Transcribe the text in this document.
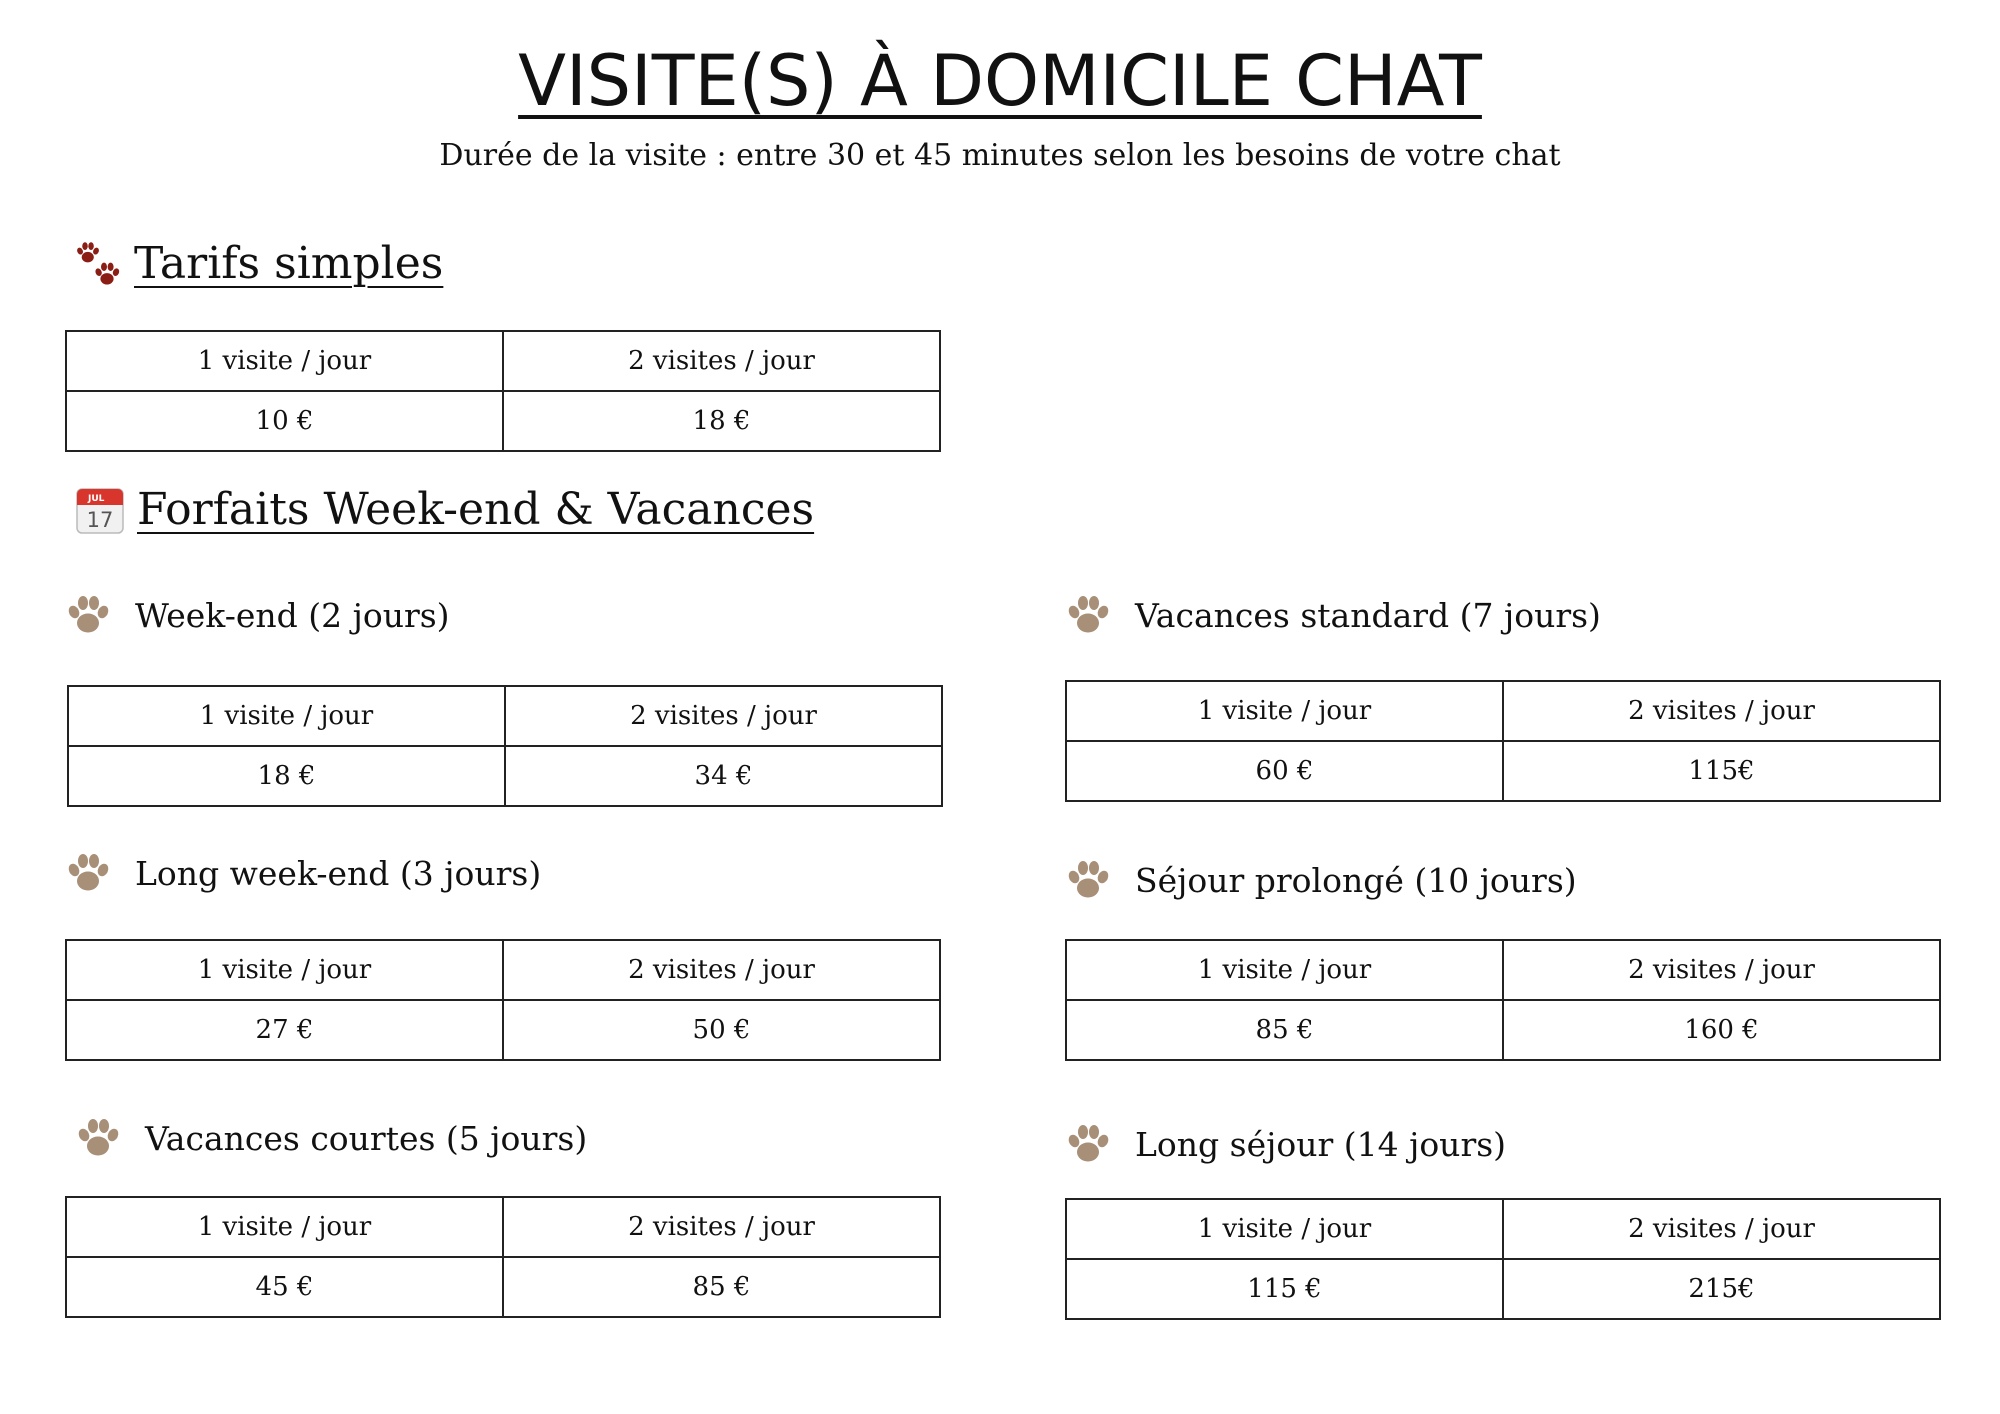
VISITE(S) À DOMICILE CHAT
Durée de la visite : entre 30 et 45 minutes selon les besoins de votre chat
Tarifs simples
1 visite / jour	2 visites / jour
10 €	18 €
JUL
17 Forfaits Week-end & Vacances
Week-end (2 jours)
1 visite / jour	2 visites / jour
18 €	34 €
Vacances standard (7 jours)
1 visite / jour	2 visites / jour
60 €	115€
Long week-end (3 jours)
1 visite / jour	2 visites / jour
27 €	50 €
Séjour prolongé (10 jours)
1 visite / jour	2 visites / jour
85 €	160 €
Vacances courtes (5 jours)
1 visite / jour	2 visites / jour
45 €	85 €
Long séjour (14 jours)
1 visite / jour	2 visites / jour
115 €	215€
